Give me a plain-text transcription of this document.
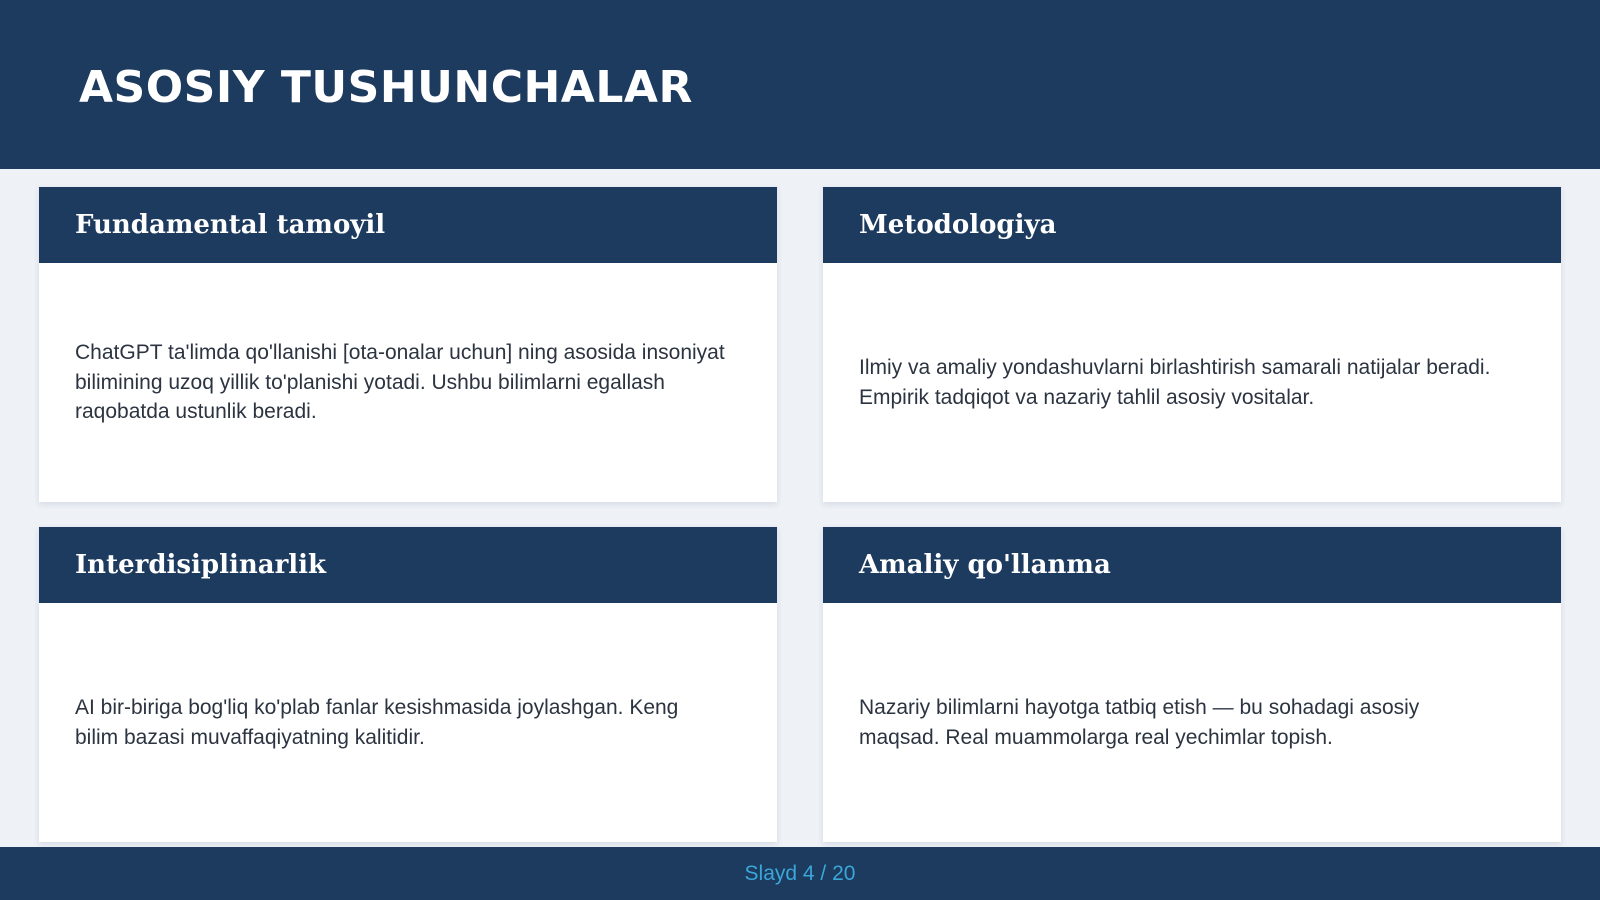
ASOSIY TUSHUNCHALAR
Fundamental tamoyil

ChatGPT ta'limda qo'llanishi [ota-onalar uchun] ning asosida insoniyat bilimining uzoq yillik to'planishi yotadi. Ushbu bilimlarni egallash raqobatda ustunlik beradi.

Metodologiya

Ilmiy va amaliy yondashuvlarni birlashtirish samarali natijalar beradi. Empirik tadqiqot va nazariy tahlil asosiy vositalar.

Interdisiplinarlik

AI bir-biriga bog'liq ko'plab fanlar kesishmasida joylashgan. Keng bilim bazasi muvaffaqiyatning kalitidir.

Amaliy qo'llanma

Nazariy bilimlarni hayotga tatbiq etish — bu sohadagi asosiy maqsad. Real muammolarga real yechimlar topish.

Slayd 4 / 20
